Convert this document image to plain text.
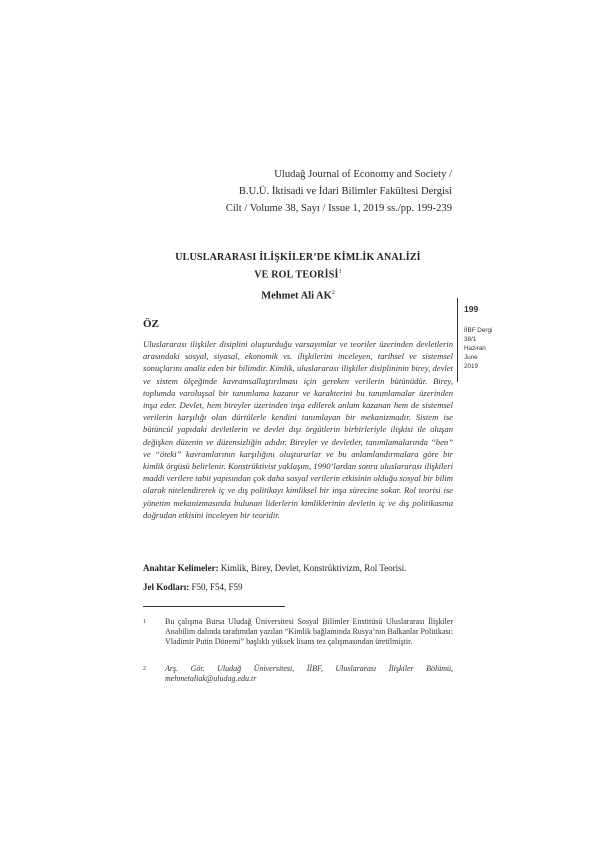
Uludağ Journal of Economy and Society /
B.U.Ü. İktisadi ve İdari Bilimler Fakültesi Dergisi
Cilt / Volume 38, Sayı / Issue 1, 2019 ss./pp. 199-239
ULUSLARARASI İLİŞKİLER’DE KİMLİK ANALİZİ
VE ROL TEORİSİ$^1$
Mehmet Ali $AK^2$
199
İİBF Dergi
38/1
Haziran
June
2019
ÖZ
Uluslararası ilişkiler disiplini oluşturduğu varsayımlar ve teoriler üzerinden devletlerin arasındaki sosyal, siyasal, ekonomik vs. ilişkilerini inceleyen, tarihsel ve sistemsel sonuçlarını analiz eden bir bilimdir. Kimlik, uluslararası ilişkiler disiplininin birey, devlet ve sistem ölçeğinde kavramsallaştırılması için gereken verilerin bütünüdür. Birey, toplumda varoluşsal bir tanımlama kazanır ve karakterini bu tanımlamalar üzerinden inşa eder. Devlet, hem bireyler üzerinden inşa edilerek anlam kazanan hem de sistemsel verilerin karşılığı olan dürtülerle kendini tanımlayan bir mekanizmadır. Sistem ise bütüncül yapıdaki devletlerin ve devlet dışı örgütlerin birbirleriyle ilişkisi ile oluşan değişken düzenin ve düzensizliğin adıdır. Bireyler ve devletler, tanımlamalarında “ben” ve “öteki” kavramlarının karşılığını oluştururlar ve bu anlamlandırmalara göre bir kimlik örgüsü belirlenir. Konstrüktivist yaklaşım, 1990’lardan sonra uluslararası ilişkileri maddi verilere tabii yapısından çok daha sosyal verilerin etkisinin olduğu sosyal bir bilim olarak nitelendirerek iç ve dış politikayı kimliksel bir inşa sürecine sokar. Rol teorisi ise yönetim mekanizmasında bulunan liderlerin kimliklerinin devletin iç ve dış politikasına doğrudan etkisini inceleyen bir teoridir.
Anahtar Kelimeler: Kimlik, Birey, Devlet, Konstrüktivizm, Rol Teorisi.
Jel Kodları: F50, F54, F59
1 Bu çalışma Bursa Uludağ Üniversitesi Sosyal Bilimler Enstitüsü Uluslararası İlişkiler Anabilim dalında tarafımdan yazılan “Kimlik bağlamında Rusya’nın Balkanlar Politikası: Vladimir Putin Dönemi” başlıklı yüksek lisans tez çalışmasından üretilmiştir.
2 Arş. Gör. Uludağ Üniversitesi, İİBF, Uluslararası İlişkiler Bölümü, mehmetaliak@uludag.edu.tr
